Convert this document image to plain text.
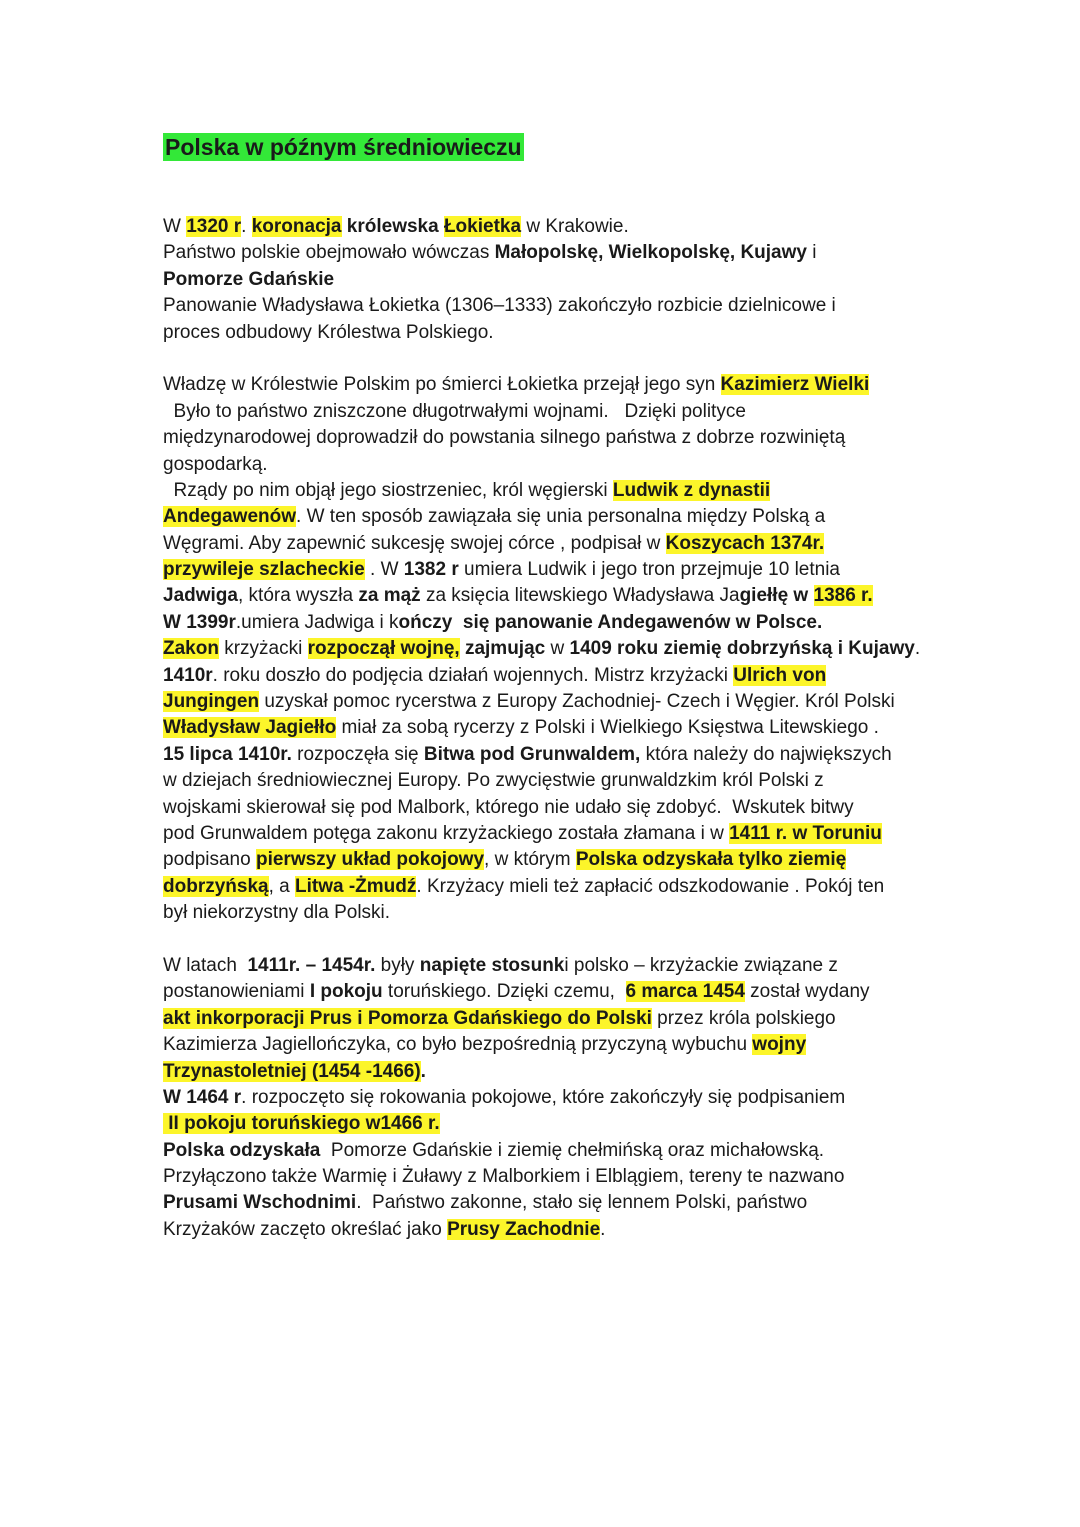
Polska w późnym średniowieczu
W 1320 r. koronacja królewska Łokietka w Krakowie.
Państwo polskie obejmowało wówczas Małopolskę, Wielkopolskę, Kujawy i
Pomorze Gdańskie
Panowanie Władysława Łokietka (1306–1333) zakończyło rozbicie dzielnicowe i
proces odbudowy Królestwa Polskiego.
Władzę w Królestwie Polskim po śmierci Łokietka przejął jego syn Kazimierz Wielki
Było to państwo zniszczone długotrwałymi wojnami.   Dzięki polityce
międzynarodowej doprowadził do powstania silnego państwa z dobrze rozwiniętą
gospodarką.
Rządy po nim objął jego siostrzeniec, król węgierski Ludwik z dynastii
Andegawenów. W ten sposób zawiązała się unia personalna między Polską a
Węgrami. Aby zapewnić sukcesję swojej córce , podpisał w Koszycach 1374r.
przywileje szlacheckie . W 1382 r umiera Ludwik i jego tron przejmuje 10 letnia
Jadwiga, która wyszła za mąż za księcia litewskiego Władysława Jagiełłę w 1386 r.
W 1399r.umiera Jadwiga i kończy  się panowanie Andegawenów w Polsce.
Zakon krzyżacki rozpoczął wojnę, zajmując w 1409 roku ziemię dobrzyńską i Kujawy.
1410r. roku doszło do podjęcia działań wojennych. Mistrz krzyżacki Ulrich von
Jungingen uzyskał pomoc rycerstwa z Europy Zachodniej- Czech i Węgier. Król Polski
Władysław Jagiełło miał za sobą rycerzy z Polski i Wielkiego Księstwa Litewskiego .
15 lipca 1410r. rozpoczęła się Bitwa pod Grunwaldem, która należy do największych
w dziejach średniowiecznej Europy. Po zwycięstwie grunwaldzkim król Polski z
wojskami skierował się pod Malbork, którego nie udało się zdobyć.  Wskutek bitwy
pod Grunwaldem potęga zakonu krzyżackiego została złamana i w 1411 r. w Toruniu
podpisano pierwszy układ pokojowy, w którym Polska odzyskała tylko ziemię
dobrzyńską, a Litwa -Żmudź. Krzyżacy mieli też zapłacić odszkodowanie . Pokój ten
był niekorzystny dla Polski.
W latach  1411r. – 1454r. były napięte stosunki polsko – krzyżackie związane z
postanowieniami I pokoju toruńskiego. Dzięki czemu,  6 marca 1454 został wydany
akt inkorporacji Prus i Pomorza Gdańskiego do Polski przez króla polskiego
Kazimierza Jagiellończyka, co było bezpośrednią przyczyną wybuchu wojny
Trzynastoletniej (1454 -1466).
W 1464 r. rozpoczęto się rokowania pokojowe, które zakończyły się podpisaniem
II pokoju toruńskiego w1466 r.
Polska odzyskała  Pomorze Gdańskie i ziemię chełmińską oraz michałowską.
Przyłączono także Warmię i Żuławy z Malborkiem i Elblągiem, tereny te nazwano
Prusami Wschodnimi.  Państwo zakonne, stało się lennem Polski, państwo
Krzyżaków zaczęto określać jako Prusy Zachodnie.
